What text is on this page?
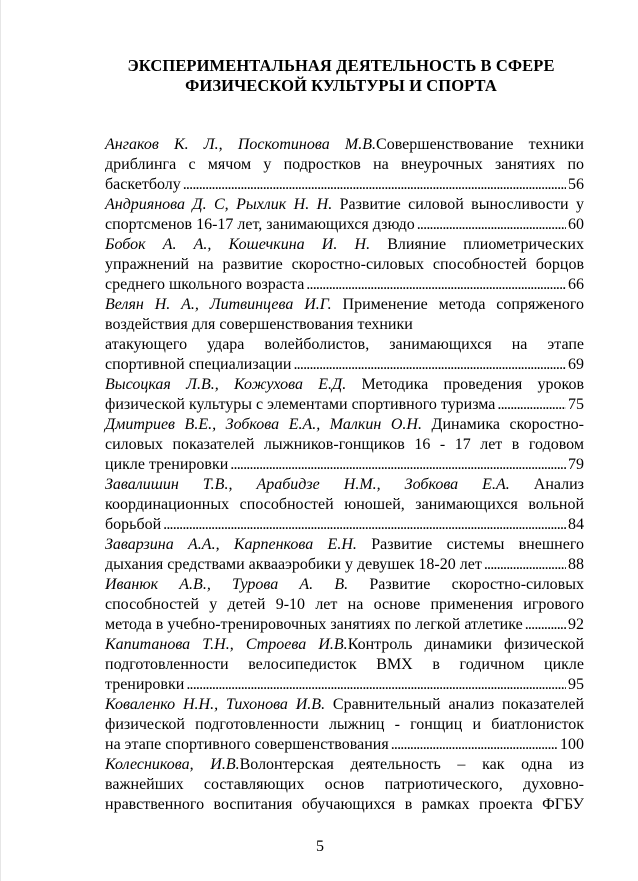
ЭКСПЕРИМЕНТАЛЬНАЯ ДЕЯТЕЛЬНОСТЬ В СФЕРЕ
ФИЗИЧЕСКОЙ КУЛЬТУРЫ И СПОРТА
Ангаков К. Л., Поскотинова М.В.Совершенствование техники
дриблинга с мячом у подростков на внеурочных занятиях по
баскетболу . . .	56
Андриянова Д. С, Рыхлик Н. Н. Развитие силовой выносливости у
спортсменов 16-17 лет, занимающихся дзюдо . . .	60
Бобок А. А., Кошечкина И. Н. Влияние плиометрических
упражнений на развитие скоростно-силовых способностей борцов
среднего школьного возраста . . .	66
Велян Н. А., Литвинцева И.Г. Применение метода сопряженого
воздействия для совершенствования техники
атакующего удара волейболистов, занимающихся на этапе
спортивной специализации . . .	69
Высоцкая Л.В., Кожухова Е.Д. Методика проведения уроков
физической культуры с элементами спортивного туризма . . .	75
Дмитриев В.Е., Зобкова Е.А., Малкин О.Н. Динамика скоростно-
силовых показателей лыжников-гонщиков 16 - 17 лет в годовом
цикле тренировки . . .	79
Завалишин Т.В., Арабидзе Н.М., Зобкова Е.А. Анализ
координационных способностей юношей, занимающихся вольной
борьбой . . .	84
Заварзина А.А., Карпенкова Е.Н. Развитие системы внешнего
дыхания средствами аквааэробики у девушек 18-20 лет . . .	88
Иванюк А.В., Турова А. В. Развитие скоростно-силовых
способностей у детей 9-10 лет на основе применения игрового
метода в учебно-тренировочных занятиях по легкой атлетике . . .	92
Капитанова Т.Н., Строева И.В.Контроль динамики физической
подготовленности велосипедисток ВМХ в годичном цикле
тренировки . . .	95
Коваленко Н.Н., Тихонова И.В. Сравнительный анализ показателей
физической подготовленности лыжниц - гонщиц и биатлонисток
на этапе спортивного совершенствования . . .	100
Колесникова, И.В.Волонтерская деятельность – как одна из
важнейших составляющих основ патриотического, духовно-
нравственного воспитания обучающихся в рамках проекта ФГБУ
5
